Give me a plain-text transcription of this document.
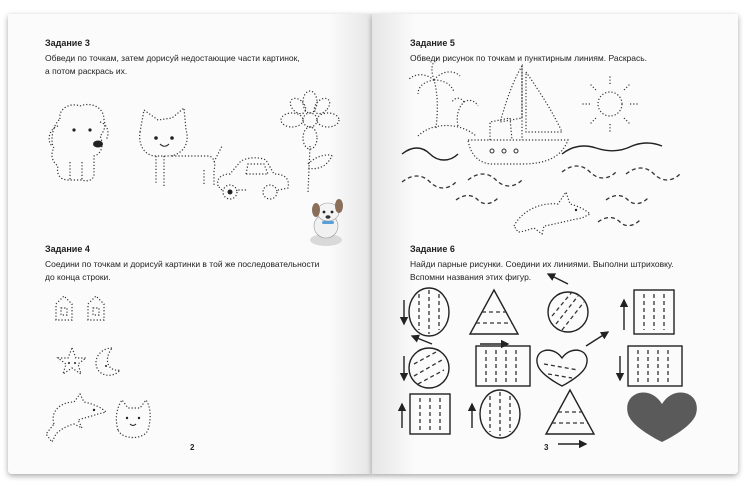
Задание 3
Обведи по точкам, затем дорисуй недостающие части картинок,
а потом раскрась их.
Задание 4
Соедини по точкам и дорисуй картинки в той же последовательности
до конца строки.
2
Задание 5
Обведи рисунок по точкам и пунктирным линиям. Раскрась.
Задание 6
Найди парные рисунки. Соедини их линиями. Выполни штриховку.
Вспомни названия этих фигур.
3
